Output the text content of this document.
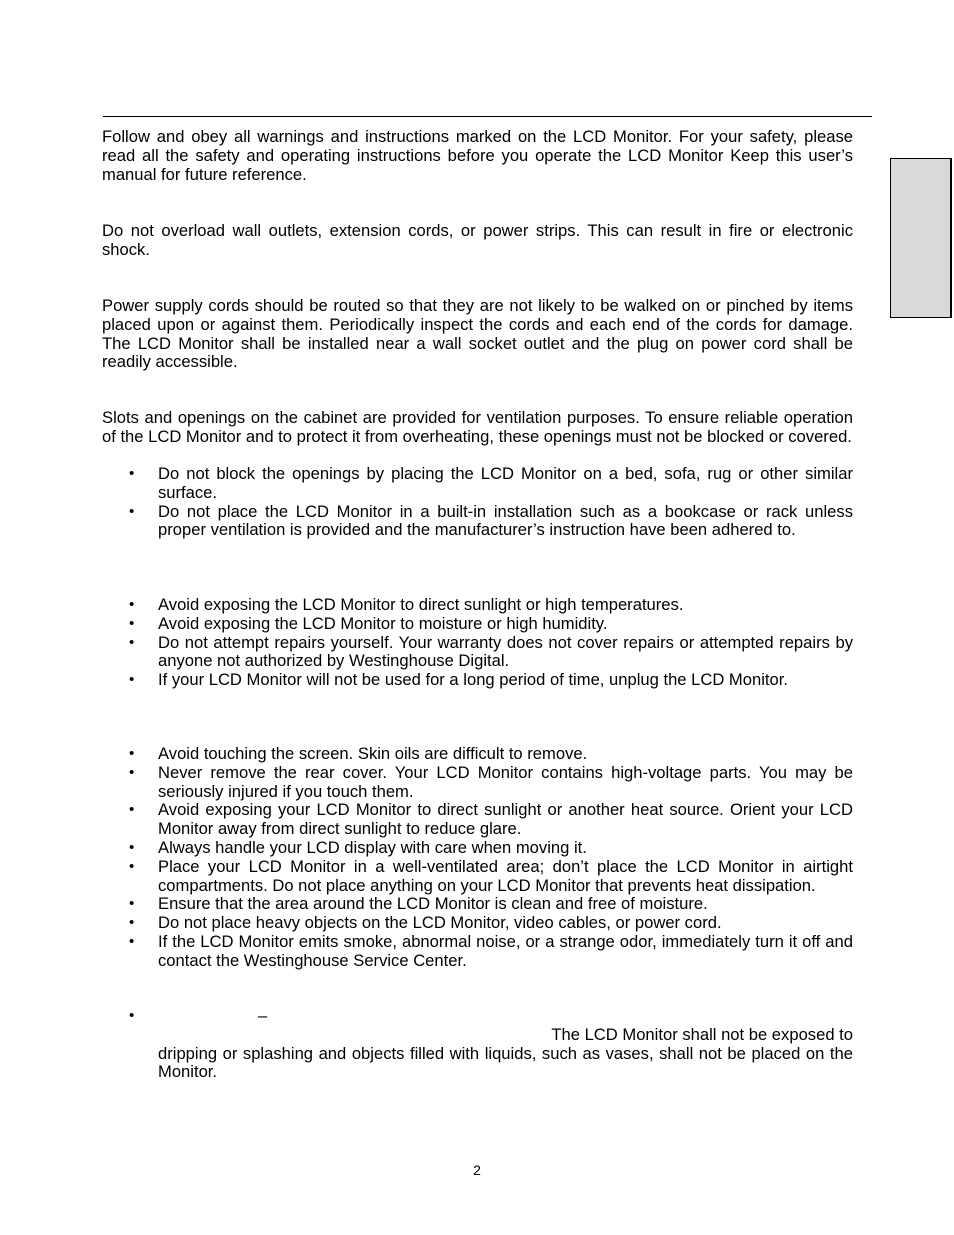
Follow and obey all warnings and instructions marked on the LCD Monitor. For your safety, please read all the safety and operating instructions before you operate the LCD Monitor Keep this user’s manual for future reference.

Do not overload wall outlets, extension cords, or power strips. This can result in fire or electronic shock.

Power supply cords should be routed so that they are not likely to be walked on or pinched by items placed upon or against them. Periodically inspect the cords and each end of the cords for damage. The LCD Monitor shall be installed near a wall socket outlet and the plug on power cord shall be readily accessible.

Slots and openings on the cabinet are provided for ventilation purposes. To ensure reliable operation of the LCD Monitor and to protect it from overheating, these openings must not be blocked or covered.

• Do not block the openings by placing the LCD Monitor on a bed, sofa, rug or other similar surface.
• Do not place the LCD Monitor in a built-in installation such as a bookcase or rack unless proper ventilation is provided and the manufacturer’s instruction have been adhered to.
• Avoid exposing the LCD Monitor to direct sunlight or high temperatures.
• Avoid exposing the LCD Monitor to moisture or high humidity.
• Do not attempt repairs yourself. Your warranty does not cover repairs or attempted repairs by anyone not authorized by Westinghouse Digital.
• If your LCD Monitor will not be used for a long period of time, unplug the LCD Monitor.
• Avoid touching the screen. Skin oils are difficult to remove.
• Never remove the rear cover. Your LCD Monitor contains high-voltage parts. You may be seriously injured if you touch them.
• Avoid exposing your LCD Monitor to direct sunlight or another heat source. Orient your LCD Monitor away from direct sunlight to reduce glare.
• Always handle your LCD display with care when moving it.
• Place your LCD Monitor in a well-ventilated area; don’t place the LCD Monitor in airtight compartments. Do not place anything on your LCD Monitor that prevents heat dissipation.
• Ensure that the area around the LCD Monitor is clean and free of moisture.
• Do not place heavy objects on the LCD Monitor, video cables, or power cord.
• If the LCD Monitor emits smoke, abnormal noise, or a strange odor, immediately turn it off and contact the Westinghouse Service Center.
• –
The LCD Monitor shall not be exposed to
dripping or splashing and objects filled with liquids, such as vases, shall not be placed on the Monitor.
2
